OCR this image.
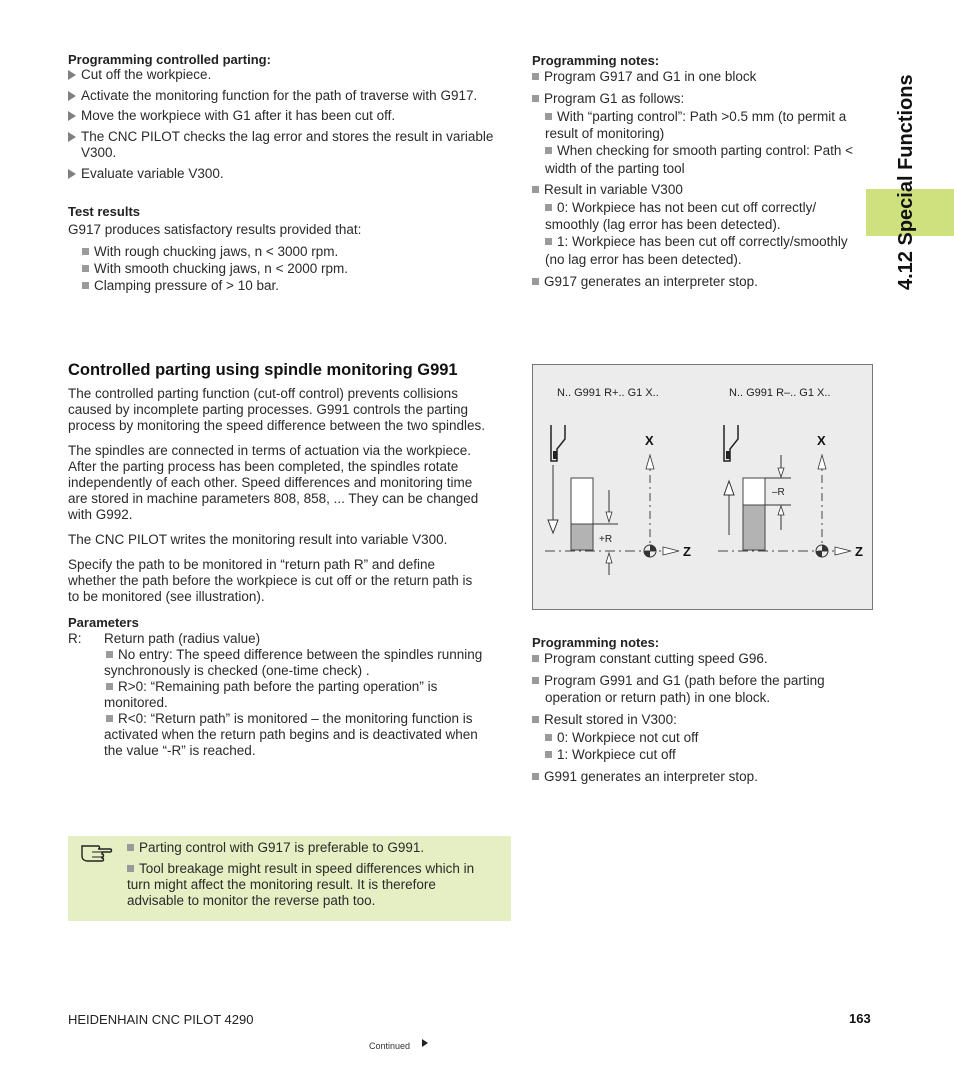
4.12 Special Functions
Programming controlled parting:
Cut off the workpiece.
Activate the monitoring function for the path of traverse with G917.
Move the workpiece with G1 after it has been cut off.
The CNC PILOT checks the lag error and stores the result in variable
V300.
Evaluate variable V300.
Test results
G917 produces satisfactory results provided that:
With rough chucking jaws, n < 3000 rpm.
With smooth chucking jaws, n < 2000 rpm.
Clamping pressure of > 10 bar.
Programming notes:
Program G917 and G1 in one block
Program G1 as follows:
With “parting control”: Path >0.5 mm (to permit a
result of monitoring)
When checking for smooth parting control: Path <
width of the parting tool
Result in variable V300
0: Workpiece has not been cut off correctly/
smoothly (lag error has been detected).
1: Workpiece has been cut off correctly/smoothly
(no lag error has been detected).
G917 generates an interpreter stop.
Controlled parting using spindle monitoring G991
The controlled parting function (cut-off control) prevents collisions
caused by incomplete parting processes. G991 controls the parting
process by monitoring the speed difference between the two spindles.
The spindles are connected in terms of actuation via the workpiece.
After the parting process has been completed, the spindles rotate
independently of each other. Speed differences and monitoring time
are stored in machine parameters 808, 858, ... They can be changed
with G992.
The CNC PILOT writes the monitoring result into variable V300.
Specify the path to be monitored in “return path R” and define
whether the path before the workpiece is cut off or the return path is
to be monitored (see illustration).
Parameters
R: Return path (radius value)
No entry: The speed difference between the spindles running
synchronously is checked (one-time check) .
R>0: “Remaining path before the parting operation” is
monitored.
R<0: “Return path” is monitored – the monitoring function is
activated when the return path begins and is deactivated when
the value “-R” is reached.
N.. G991 R+.. G1 X..	N.. G991 R–.. G1 X..
+R
X
Z
–R
X
Z
Programming notes:
Program constant cutting speed G96.
Program G991 and G1 (path before the parting
operation or return path) in one block.
Result stored in V300:
0: Workpiece not cut off
1: Workpiece cut off
G991 generates an interpreter stop.
Parting control with G917 is preferable to G991.
Tool breakage might result in speed differences which in
turn might affect the monitoring result. It is therefore
advisable to monitor the reverse path too.
HEIDENHAIN CNC PILOT 4290	163
Continued
